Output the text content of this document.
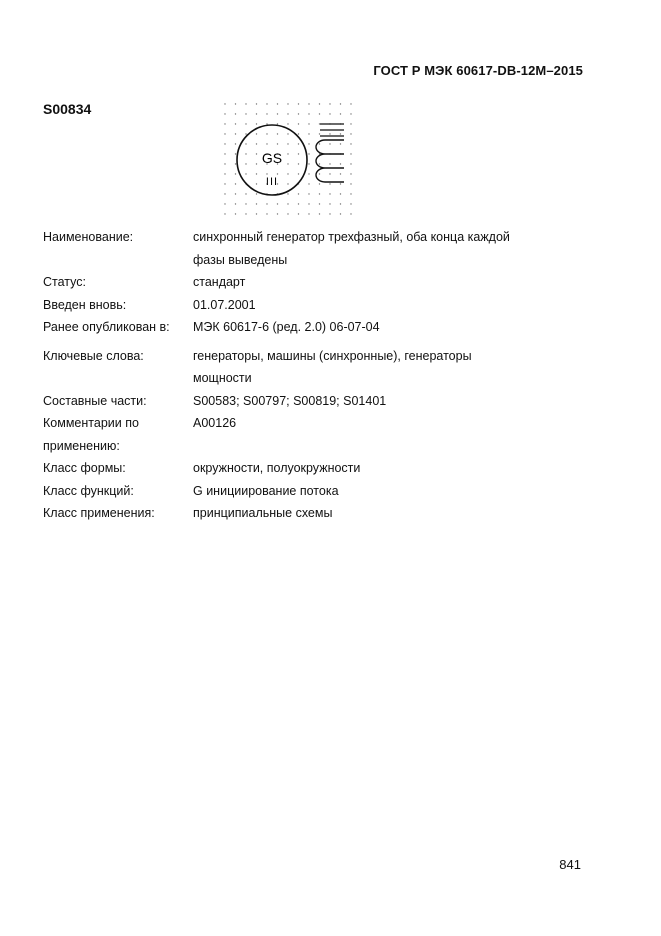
ГОСТ Р МЭК 60617-DB-12M–2015
S00834
GS
III
Наименование:	синхронный генератор трехфазный, оба конца каждой
фазы выведены
Статус:	стандарт
Введен вновь:	01.07.2001
Ранее опубликован в:	МЭК 60617-6 (ред. 2.0) 06-07-04
Ключевые слова:	генераторы, машины (синхронные), генераторы
мощности
Составные части:	S00583; S00797; S00819; S01401
Комментарии по
применению:
A00126
Класс формы:	окружности, полуокружности
Класс функций:	G инициирование потока
Класс применения:	принципиальные схемы
841
